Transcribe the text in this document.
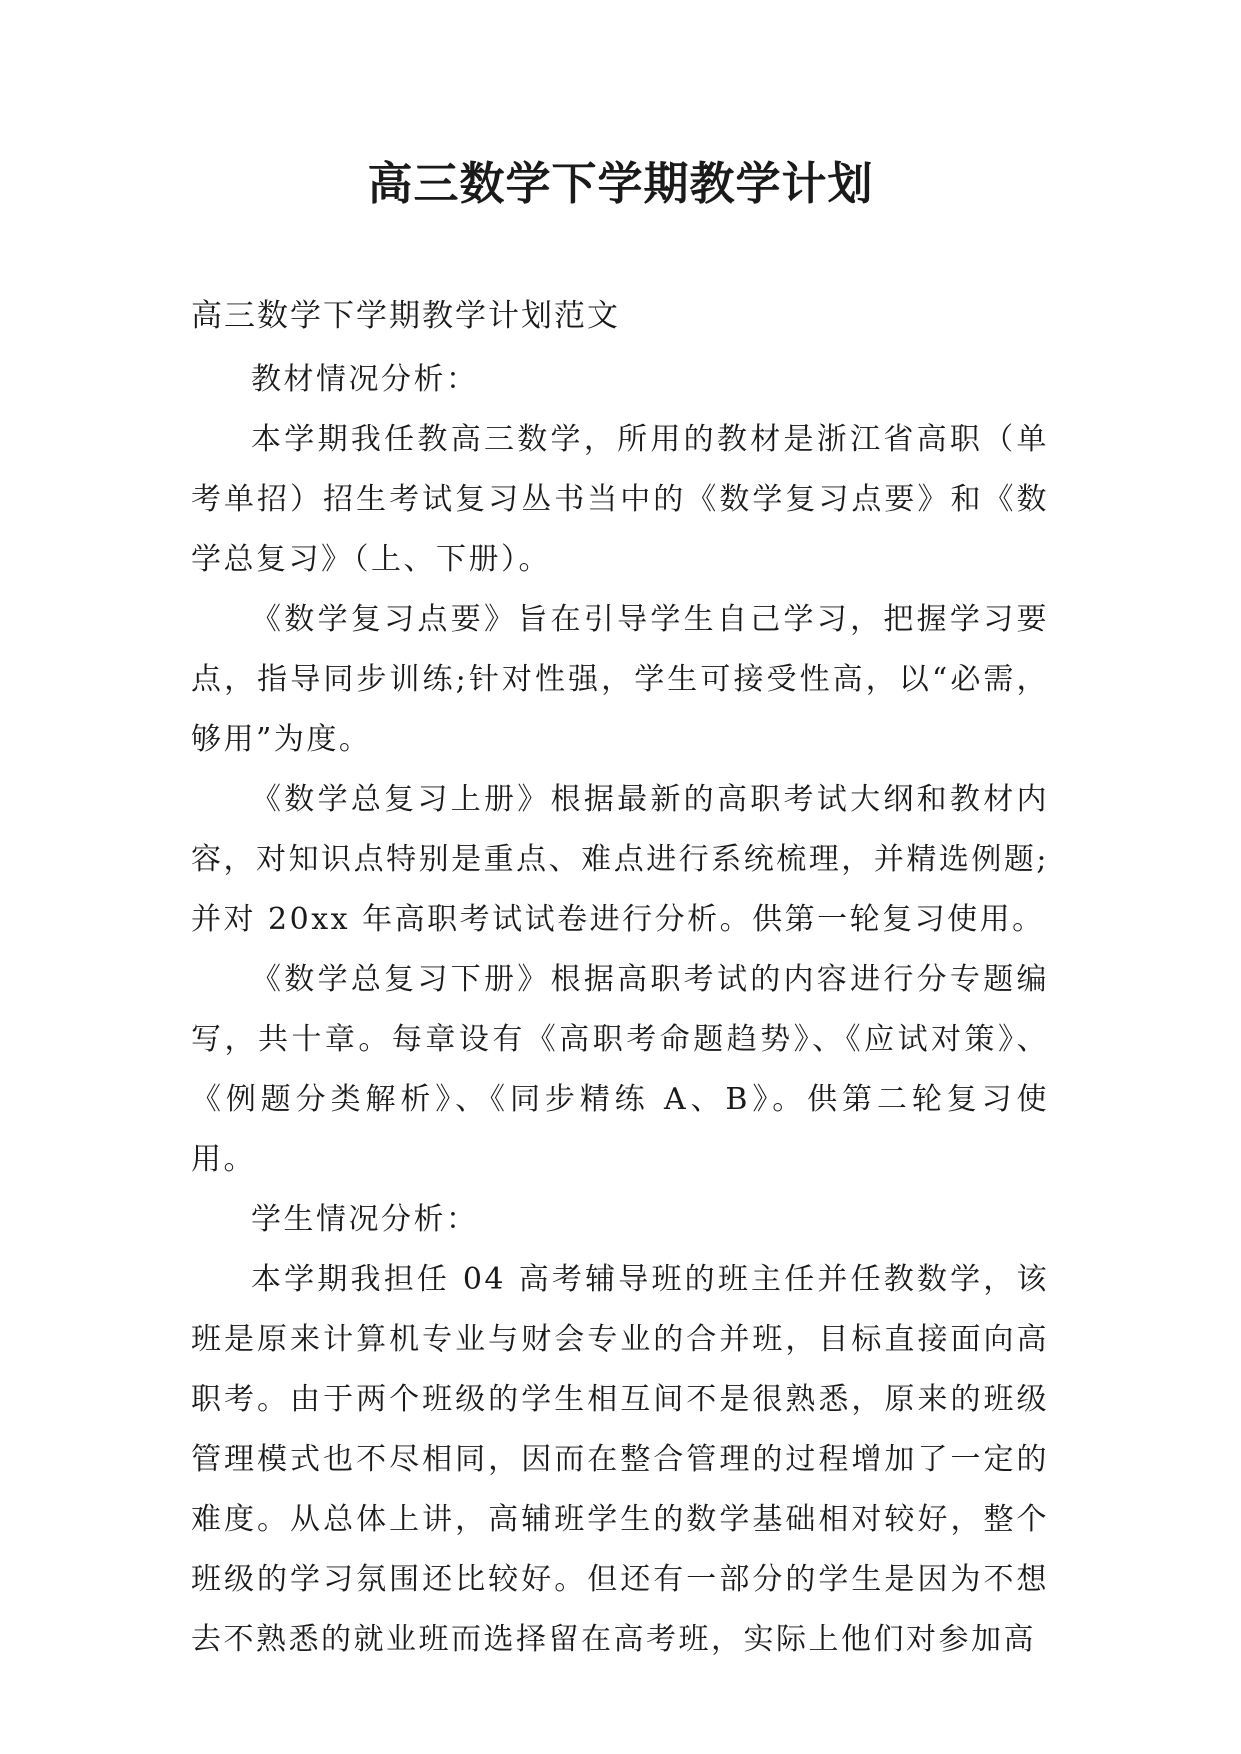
高三数学下学期教学计划

高三数学下学期教学计划范文

教材情况分析：

本学期我任教高三数学，所用的教材是浙江省高职（单考单招）招生考试复习丛书当中的《数学复习点要》和《数学总复习》（上、下册）。

《数学复习点要》旨在引导学生自己学习，把握学习要点，指导同步训练;针对性强，学生可接受性高，以“必需，够用”为度。

《数学总复习上册》根据最新的高职考试大纲和教材内容，对知识点特别是重点、难点进行系统梳理，并精选例题;并对 20xx 年高职考试试卷进行分析。供第一轮复习使用。

《数学总复习下册》根据高职考试的内容进行分专题编写，共十章。每章设有《高职考命题趋势》、《应试对策》、《例题分类解析》、《同步精练 A、B》。供第二轮复习使用。

学生情况分析：

本学期我担任 04 高考辅导班的班主任并任教数学，该班是原来计算机专业与财会专业的合并班，目标直接面向高职考。由于两个班级的学生相互间不是很熟悉，原来的班级管理模式也不尽相同，因而在整合管理的过程增加了一定的难度。从总体上讲，高辅班学生的数学基础相对较好，整个班级的学习氛围还比较好。但还有一部分的学生是因为不想去不熟悉的就业班而选择留在高考班，实际上他们对参加高
